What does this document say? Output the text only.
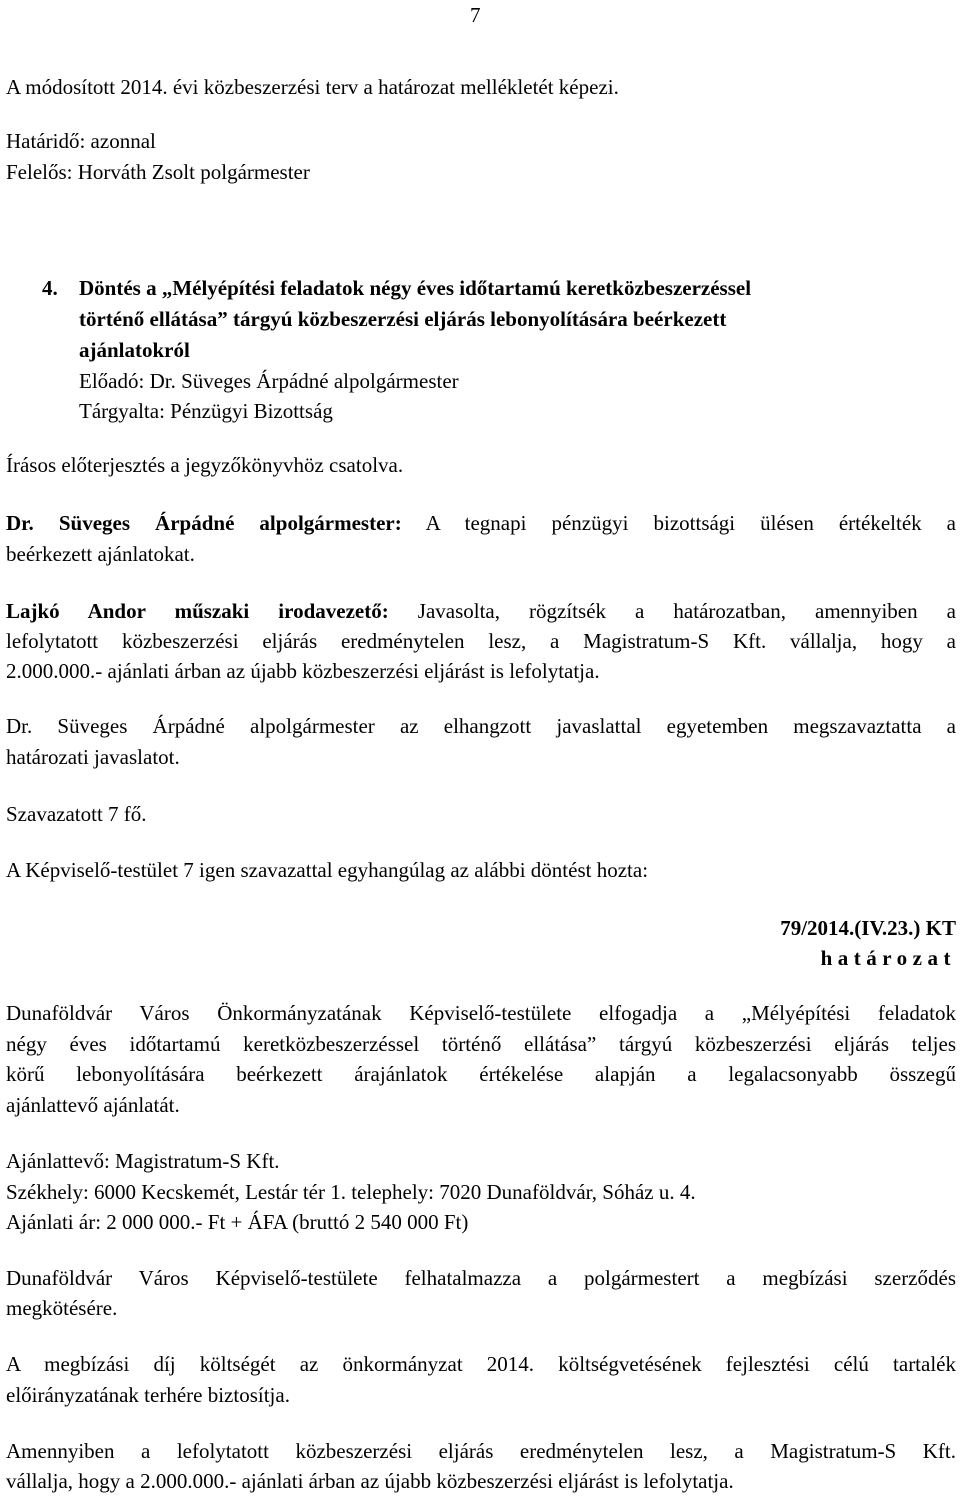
7

A módosított 2014. évi közbeszerzési terv a határozat mellékletét képezi.

Határidő: azonnal

Felelős: Horváth Zsolt polgármester

4.	Döntés a „Mélyépítési feladatok négy éves időtartamú keretközbeszerzéssel

történő ellátása” tárgyú közbeszerzési eljárás lebonyolítására beérkezett

ajánlatokról

Előadó: Dr. Süveges Árpádné alpolgármester

Tárgyalta: Pénzügyi Bizottság

Írásos előterjesztés a jegyzőkönyvhöz csatolva.

Dr. Süveges Árpádné alpolgármester: A tegnapi pénzügyi bizottsági ülésen értékelték a

beérkezett ajánlatokat.

Lajkó Andor műszaki irodavezető: Javasolta, rögzítsék a határozatban, amennyiben a

lefolytatott közbeszerzési eljárás eredménytelen lesz, a Magistratum-S Kft. vállalja, hogy a

2.000.000.- ajánlati árban az újabb közbeszerzési eljárást is lefolytatja.

Dr. Süveges Árpádné alpolgármester az elhangzott javaslattal egyetemben megszavaztatta a

határozati javaslatot.

Szavazatott 7 fő.

A Képviselő-testület 7 igen szavazattal egyhangúlag az alábbi döntést hozta:

79/2014.(IV.23.) KT

határozat

Dunaföldvár Város Önkormányzatának Képviselő-testülete elfogadja a „Mélyépítési feladatok

négy éves időtartamú keretközbeszerzéssel történő ellátása” tárgyú közbeszerzési eljárás teljes

körű lebonyolítására beérkezett árajánlatok értékelése alapján a legalacsonyabb összegű

ajánlattevő ajánlatát.

Ajánlattevő: Magistratum-S Kft.

Székhely: 6000 Kecskemét, Lestár tér 1. telephely: 7020 Dunaföldvár, Sóház u. 4.

Ajánlati ár: 2 000 000.- Ft + ÁFA (bruttó 2 540 000 Ft)

Dunaföldvár Város Képviselő-testülete felhatalmazza a polgármestert a megbízási szerződés

megkötésére.

A megbízási díj költségét az önkormányzat 2014. költségvetésének fejlesztési célú tartalék

előirányzatának terhére biztosítja.

Amennyiben a lefolytatott közbeszerzési eljárás eredménytelen lesz, a Magistratum-S Kft.

vállalja, hogy a 2.000.000.- ajánlati árban az újabb közbeszerzési eljárást is lefolytatja.
